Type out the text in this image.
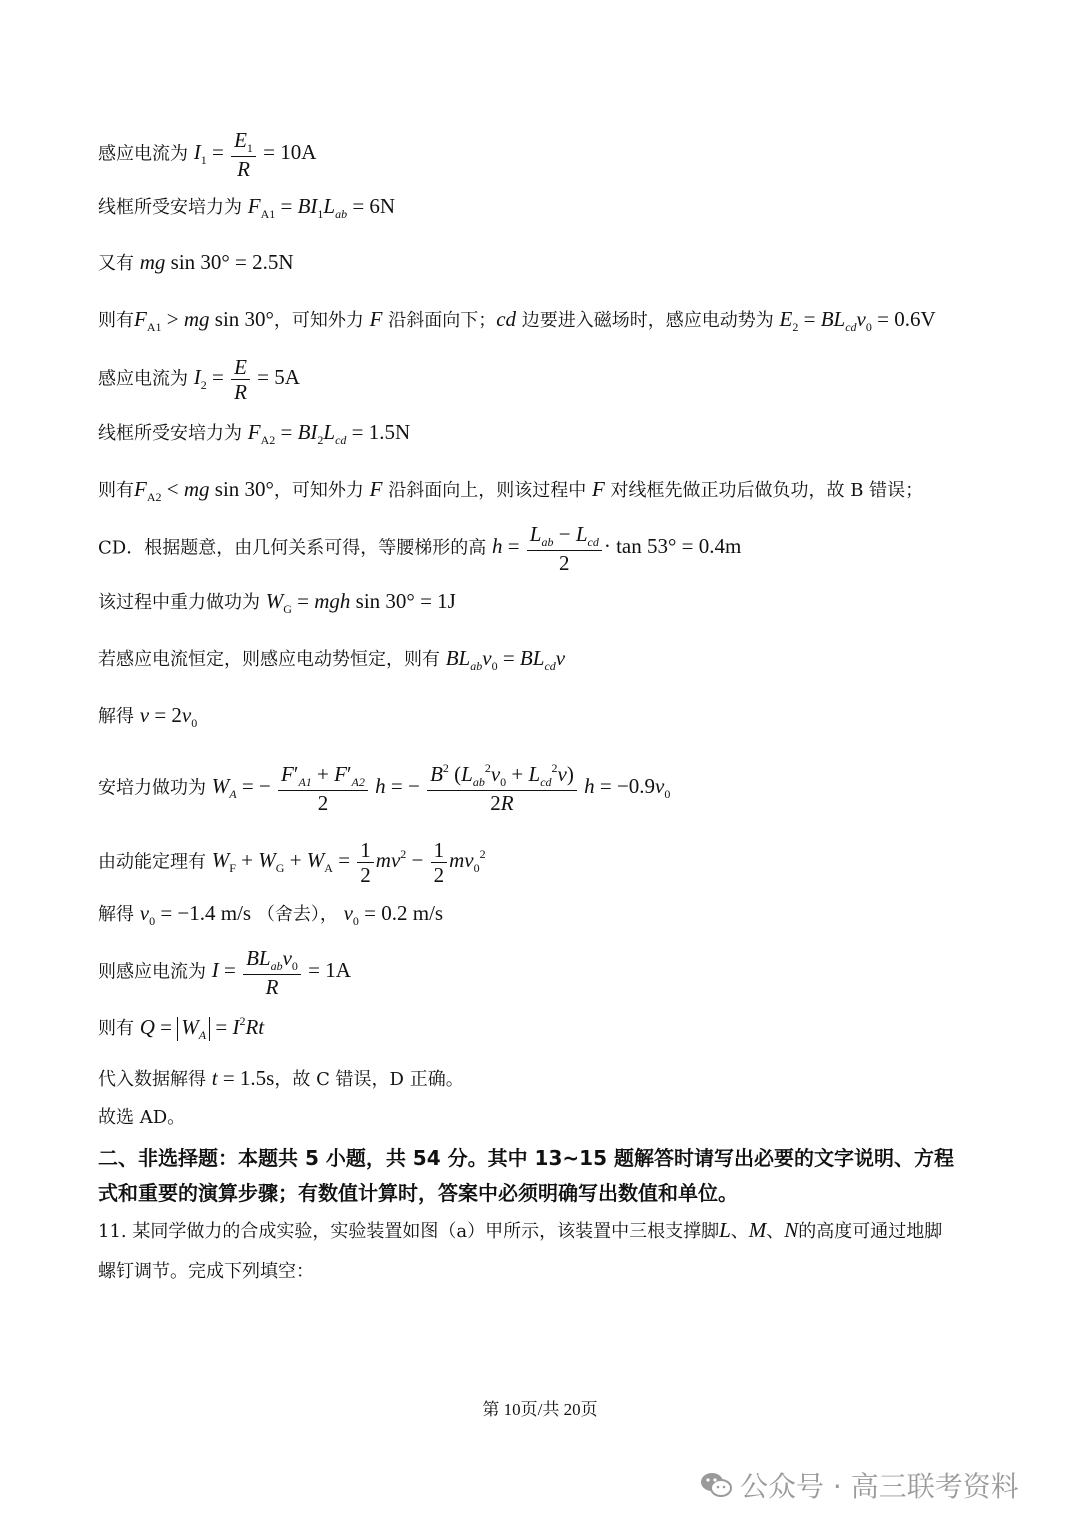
感应电流为 $I_1 = \frac{E_1}{R} = 10A$
线框所受安培力为 $F_{A1} = BI_1L_{ab} = 6N$
又有 mg sin 30° = 2.5N
则有$F_{A1}$ > mg sin 30°，可知外力 F 沿斜面向下；cd 边要进入磁场时，感应电动势为 $E_2 = BL_{cd}v_0 = 0.6V$
感应电流为 $I_2 = \frac{E}{R} = 5A$
线框所受安培力为 $F_{A2} = BI_2L_{cd} = 1.5N$
则有$F_{A2}$ < mg sin 30°，可知外力 F 沿斜面向上，则该过程中 F 对线框先做正功后做负功，故 B 错误；
CD．根据题意，由几何关系可得，等腰梯形的高 $h = \frac{L_{ab} - L_{cd}}{2} \cdot \tan 53^\circ = 0.4m$
该过程中重力做功为 $W_G$ = mgh sin 30° = 1J
若感应电流恒定，则感应电动势恒定，则有 $BL_{ab}v_0 = BL_{cd}v$
解得 $v = 2v_0$
安培力做功为 $W_A$ = − $\frac{F'_{A1} + F'_{A2}}{2}$ h = − $\frac{B^2 (L_{ab}^2v_0 + L_{cd}^2v)}{2R}$ $h = -0.9v_0$
由动能定理有 $W_F + W_G + W_A = \frac{1}{2} mv^2 - \frac{1}{2} mv_0^2$
解得 $v_0 = -1.4$ m/s （舍去）， $v_0 = 0.2$ m/s
则感应电流为 $I = \frac{BL_{ab}v_0}{R} = 1A$
则有 $Q = W_A = I^2Rt$
代入数据解得 t = 1.5s，故 C 错误，D 正确。
故选 AD。
二、非选择题：本题共 5 小题，共 54 分。其中 13~15 题解答时请写出必要的文字说明、方程
式和重要的演算步骤；有数值计算时，答案中必须明确写出数值和单位。
11. 某同学做力的合成实验，实验装置如图（a）甲所示，该装置中三根支撑脚L、M、N的高度可通过地脚
螺钉调节。完成下列填空：
第 10页/共 20页
公众号 · 高三联考资料
